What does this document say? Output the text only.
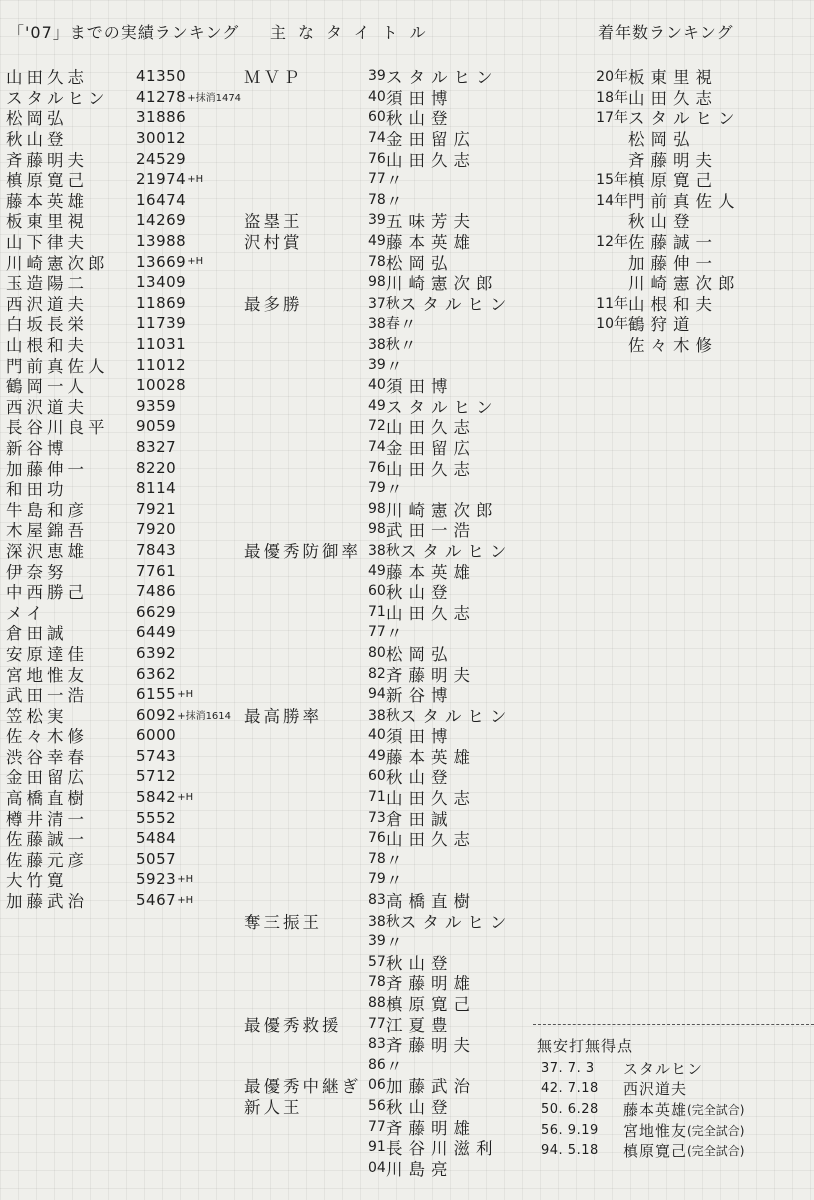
「'07」までの実績ランキング 主なタイトル	着年数ランキング
山田久志	41350
スタルヒン	41278 +抹消1474
松岡弘	31886
秋山登	30012
斉藤明夫	24529
槙原寛己	21974 +H
藤本英雄	16474
板東里視	14269
山下律夫	13988
川崎憲次郎	13669 +H
玉造陽二	13409
西沢道夫	11869
白坂長栄	11739
山根和夫	11031
門前真佐人	11012
鶴岡一人	10028
西沢道夫	9359
長谷川良平	9059
新谷博	8327
加藤伸一	8220
和田功	8114
牛島和彦	7921
木屋錦吾	7920
深沢恵雄	7843
伊奈努	7761
中西勝己	7486
メイ	6629
倉田誠	6449
安原達佳	6392
宮地惟友	6362
武田一浩	6155 +H
笠松実	6092 +抹消1614
佐々木修	6000
渋谷幸春	5743
金田留広	5712
高橋直樹	5842 +H
樽井清一	5552
佐藤誠一	5484
佐藤元彦	5057
大竹寛	5923 +H
加藤武治	5467 +H
ＭＶＰ	39 スタルヒン
40 須田博
60 秋山登
74 金田留広
76 山田久志
77 〃
78 〃
盗塁王	39 五味芳夫
沢村賞	49 藤本英雄
78 松岡弘
98 川崎憲次郎
最多勝	37秋 スタルヒン
38春 〃
38秋 〃
39 〃
40 須田博
49 スタルヒン
72 山田久志
74 金田留広
76 山田久志
79 〃
98 川崎憲次郎
98 武田一浩
最優秀防御率 38秋 スタルヒン
49 藤本英雄
60 秋山登
71 山田久志
77 〃
80 松岡弘
82 斉藤明夫
94 新谷博
最高勝率	38秋 スタルヒン
40 須田博
49 藤本英雄
60 秋山登
71 山田久志
73 倉田誠
76 山田久志
78 〃
79 〃
83 高橋直樹
奪三振王	38秋 スタルヒン
39 〃
57 秋山登
78 斉藤明雄
88 槙原寛己
最優秀救援	77 江夏豊
83 斉藤明夫
86 〃
最優秀中継ぎ 06 加藤武治
新人王	56 秋山登
77 斉藤明雄
91 長谷川滋利
04 川島亮
20年 板東里視
18年 山田久志
17年 スタルヒン
松岡弘
斉藤明夫
15年 槙原寛己
14年 門前真佐人
秋山登
12年 佐藤誠一
加藤伸一
川崎憲次郎
11年 山根和夫
10年 鶴狩道
佐々木修
無安打無得点
37. 7. 3	スタルヒン
42. 7.18	西沢道夫
50. 6.28	藤本英雄 (完全試合)
56. 9.19	宮地惟友 (完全試合)
94. 5.18	槙原寛己 (完全試合)
